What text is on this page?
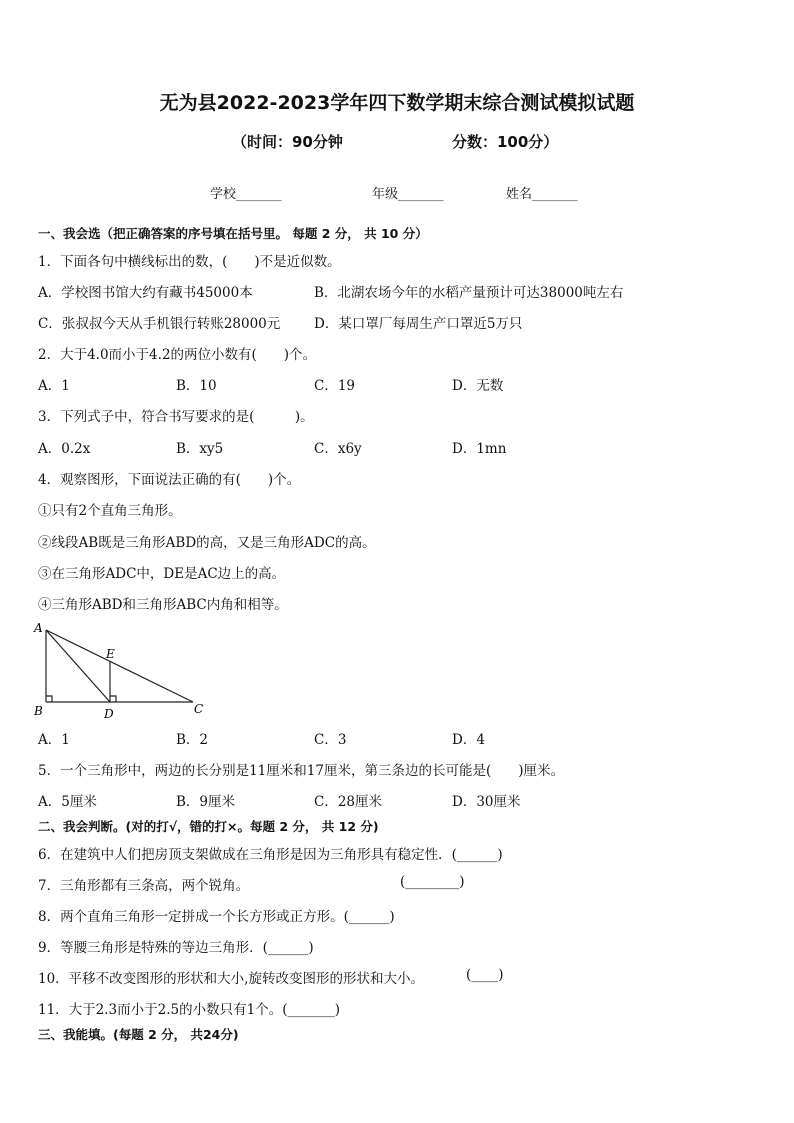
无为县2022-2023学年四下数学期末综合测试模拟试题
（时间：90分钟	分数：100分）
学校_______	年级_______	姓名_______
一、我会选（把正确答案的序号填在括号里。 每题 2 分， 共 10 分）
1．下面各句中横线标出的数，(　　)不是近似数。
A．学校图书馆大约有藏书45000本	B．北湖农场今年的水稻产量预计可达38000吨左右
C．张叔叔今天从手机银行转账28000元 D．某口罩厂每周生产口罩近5万只
2．大于4.0而小于4.2的两位小数有(　　)个。
A．1	B．10	C．19	D．无数
3．下列式子中，符合书写要求的是(　　　)。
A．0.2x	B．xy5	C．x6y	D．1mn
4．观察图形，下面说法正确的有(　　)个。
①只有2个直角三角形。
②线段AB既是三角形ABD的高，又是三角形ADC的高。
③在三角形ADC中，DE是AC边上的高。
④三角形ABD和三角形ABC内角和相等。
A
B	C
D
E
A．1	B．2	C．3	D．4
5．一个三角形中，两边的长分别是11厘米和17厘米，第三条边的长可能是(　　)厘米。
A．5厘米	B．9厘米	C．28厘米	D．30厘米
二、我会判断。(对的打√，错的打×。每题 2 分， 共 12 分)
6．在建筑中人们把房顶支架做成在三角形是因为三角形具有稳定性．(______)
7．三角形都有三条高，两个锐角。	(________)
8．两个直角三角形一定拼成一个长方形或正方形。(______)
9．等腰三角形是特殊的等边三角形．(______)
10．平移不改变图形的形状和大小,旋转改变图形的形状和大小。	(____)
11．大于2.3而小于2.5的小数只有1个。(_______)
三、我能填。(每题 2 分， 共24分)
